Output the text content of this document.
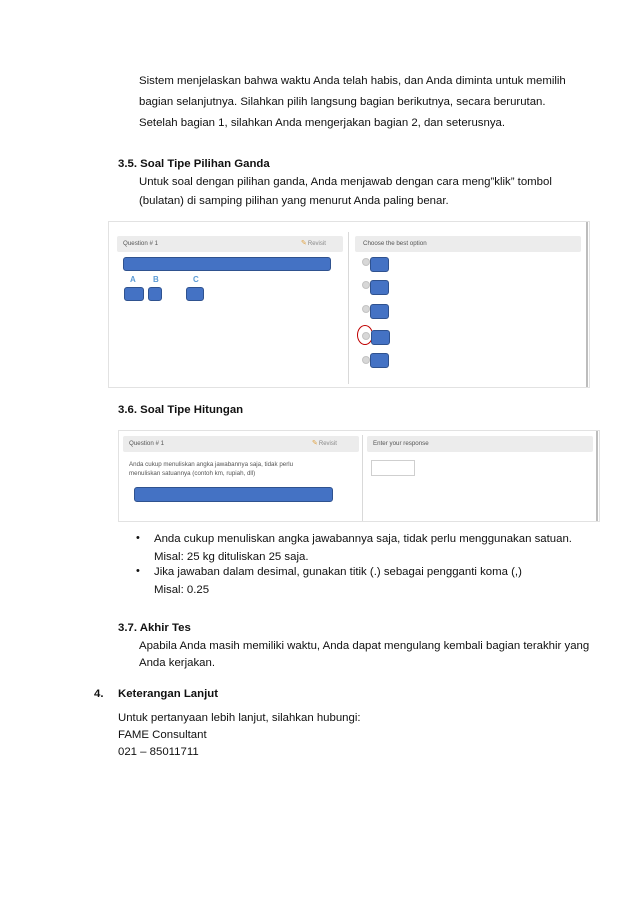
Sistem menjelaskan bahwa waktu Anda telah habis, dan Anda diminta untuk memilih
bagian selanjutnya. Silahkan pilih langsung bagian berikutnya, secara berurutan.
Setelah bagian 1, silahkan Anda mengerjakan bagian 2, dan seterusnya.
3.5. Soal Tipe Pilihan Ganda
Untuk soal dengan pilihan ganda, Anda menjawab dengan cara meng”klik” tombol
(bulatan) di samping pilihan yang menurut Anda paling benar.
Question # 1	✎Revisit	Choose the best option
A B	C
3.6. Soal Tipe Hitungan
Question # 1	✎Revisit
Anda cukup menuliskan angka jawabannya saja, tidak perlu
menuliskan satuannya (contoh km, rupiah, dll)
Enter your response
• Anda cukup menuliskan angka jawabannya saja, tidak perlu menggunakan satuan.
Misal: 25 kg dituliskan 25 saja.
• Jika jawaban dalam desimal, gunakan titik (.) sebagai pengganti koma (,)
Misal: 0.25
3.7. Akhir Tes
Apabila Anda masih memiliki waktu, Anda dapat mengulang kembali bagian terakhir yang
Anda kerjakan.
4. Keterangan Lanjut
Untuk pertanyaan lebih lanjut, silahkan hubungi:
FAME Consultant
021 – 85011711
